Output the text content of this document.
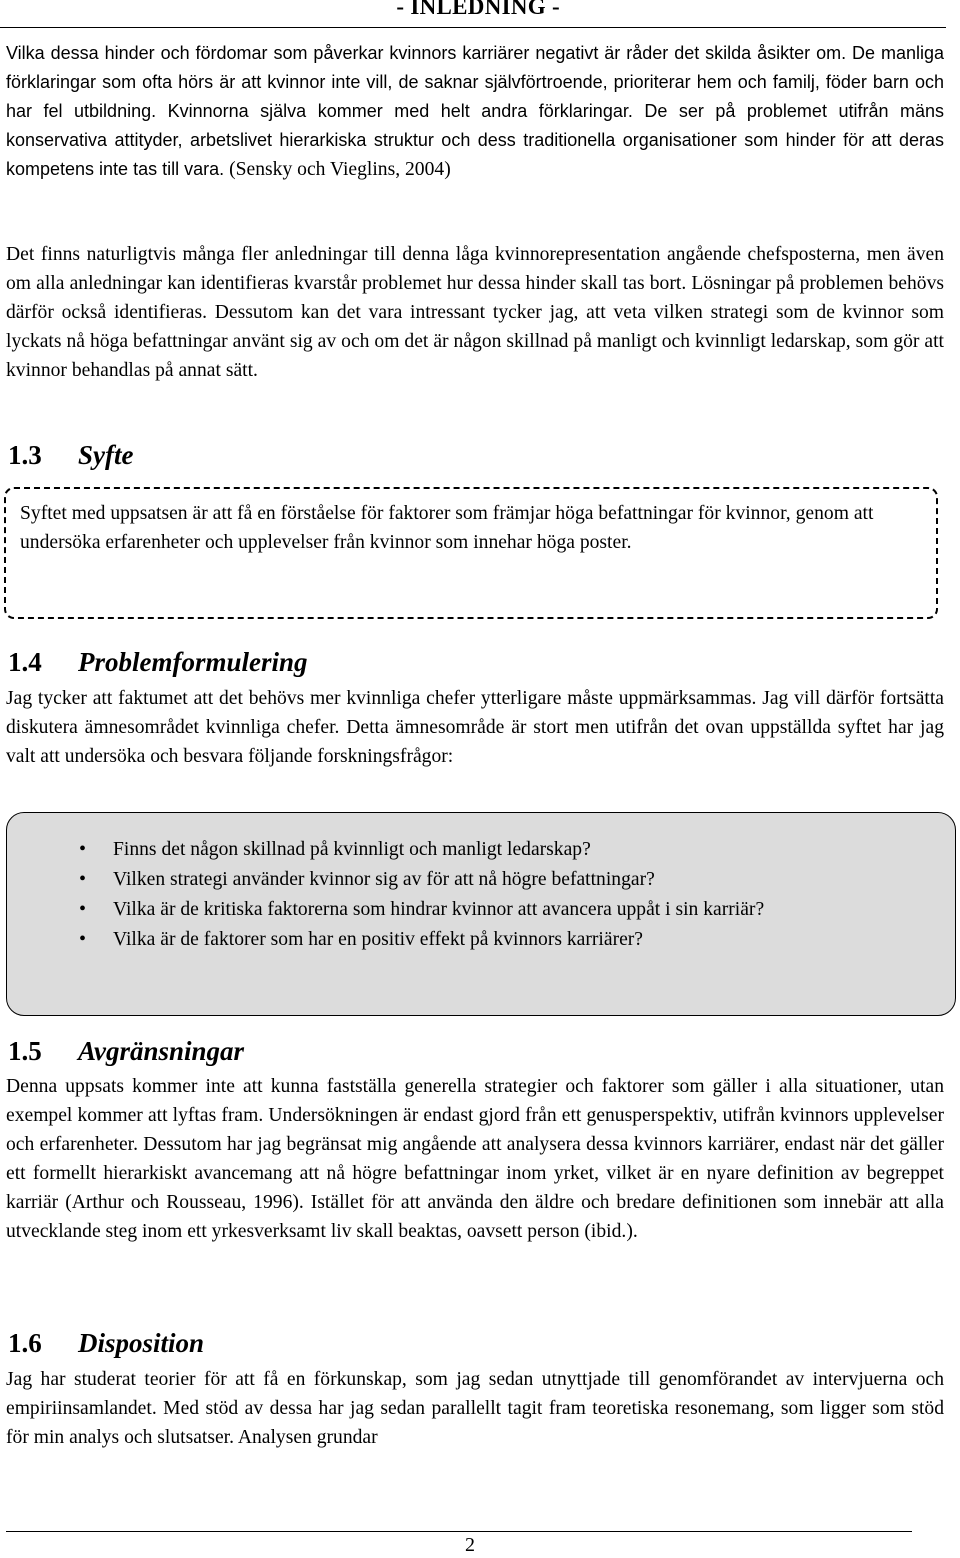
- INLEDNING -

Vilka dessa hinder och fördomar som påverkar kvinnors karriärer negativt är råder det skilda åsikter om. De manliga förklaringar som ofta hörs är att kvinnor inte vill, de saknar självförtroende, prioriterar hem och familj, föder barn och har fel utbildning. Kvinnorna själva kommer med helt andra förklaringar. De ser på problemet utifrån mäns konservativa attityder, arbetslivet hierarkiska struktur och dess traditionella organisationer som hinder för att deras kompetens inte tas till vara. (Sensky och Vieglins, 2004)

Det finns naturligtvis många fler anledningar till denna låga kvinnorepresentation angående chefsposterna, men även om alla anledningar kan identifieras kvarstår problemet hur dessa hinder skall tas bort. Lösningar på problemen behövs därför också identifieras. Dessutom kan det vara intressant tycker jag, att veta vilken strategi som de kvinnor som lyckats nå höga befattningar använt sig av och om det är någon skillnad på manligt och kvinnligt ledarskap, som gör att kvinnor behandlas på annat sätt.

1.3 Syfte

Syftet med uppsatsen är att få en förståelse för faktorer som främjar höga befattningar för kvinnor, genom att undersöka erfarenheter och upplevelser från kvinnor som innehar höga poster.

1.4 Problemformulering

Jag tycker att faktumet att det behövs mer kvinnliga chefer ytterligare måste uppmärksammas. Jag vill därför fortsätta diskutera ämnesområdet kvinnliga chefer. Detta ämnesområde är stort men utifrån det ovan uppställda syftet har jag valt att undersöka och besvara följande forskningsfrågor:

• Finns det någon skillnad på kvinnligt och manligt ledarskap?
• Vilken strategi använder kvinnor sig av för att nå högre befattningar?
• Vilka är de kritiska faktorerna som hindrar kvinnor att avancera uppåt i sin karriär?
• Vilka är de faktorer som har en positiv effekt på kvinnors karriärer?
1.5 Avgränsningar

Denna uppsats kommer inte att kunna fastställa generella strategier och faktorer som gäller i alla situationer, utan exempel kommer att lyftas fram. Undersökningen är endast gjord från ett genusperspektiv, utifrån kvinnors upplevelser och erfarenheter. Dessutom har jag begränsat mig angående att analysera dessa kvinnors karriärer, endast när det gäller ett formellt hierarkiskt avancemang att nå högre befattningar inom yrket, vilket är en nyare definition av begreppet karriär (Arthur och Rousseau, 1996). Istället för att använda den äldre och bredare definitionen som innebär att alla utvecklande steg inom ett yrkesverksamt liv skall beaktas, oavsett person (ibid.).

1.6 Disposition

Jag har studerat teorier för att få en förkunskap, som jag sedan utnyttjade till genomförandet av intervjuerna och empiriinsamlandet. Med stöd av dessa har jag sedan parallellt tagit fram teoretiska resonemang, som ligger som stöd för min analys och slutsatser. Analysen grundar

2
